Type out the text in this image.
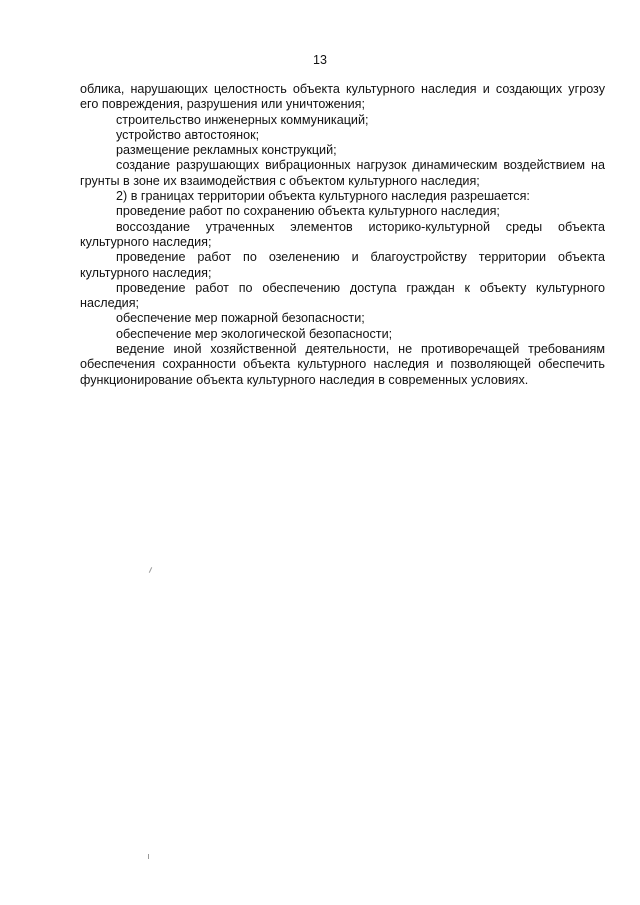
13
облика, нарушающих целостность объекта культурного наследия и создающих угрозу
его повреждения, разрушения или уничтожения;
строительство инженерных коммуникаций;
устройство автостоянок;
размещение рекламных конструкций;
создание разрушающих вибрационных нагрузок динамическим воздействием на
грунты в зоне их взаимодействия с объектом культурного наследия;
2) в границах территории объекта культурного наследия разрешается:
проведение работ по сохранению объекта культурного наследия;
воссоздание утраченных элементов историко-культурной среды объекта
культурного наследия;
проведение работ по озеленению и благоустройству территории объекта
культурного наследия;
проведение работ по обеспечению доступа граждан к объекту культурного
наследия;
обеспечение мер пожарной безопасности;
обеспечение мер экологической безопасности;
ведение иной хозяйственной деятельности, не противоречащей требованиям
обеспечения сохранности объекта культурного наследия и позволяющей обеспечить
функционирование объекта культурного наследия в современных условиях.
